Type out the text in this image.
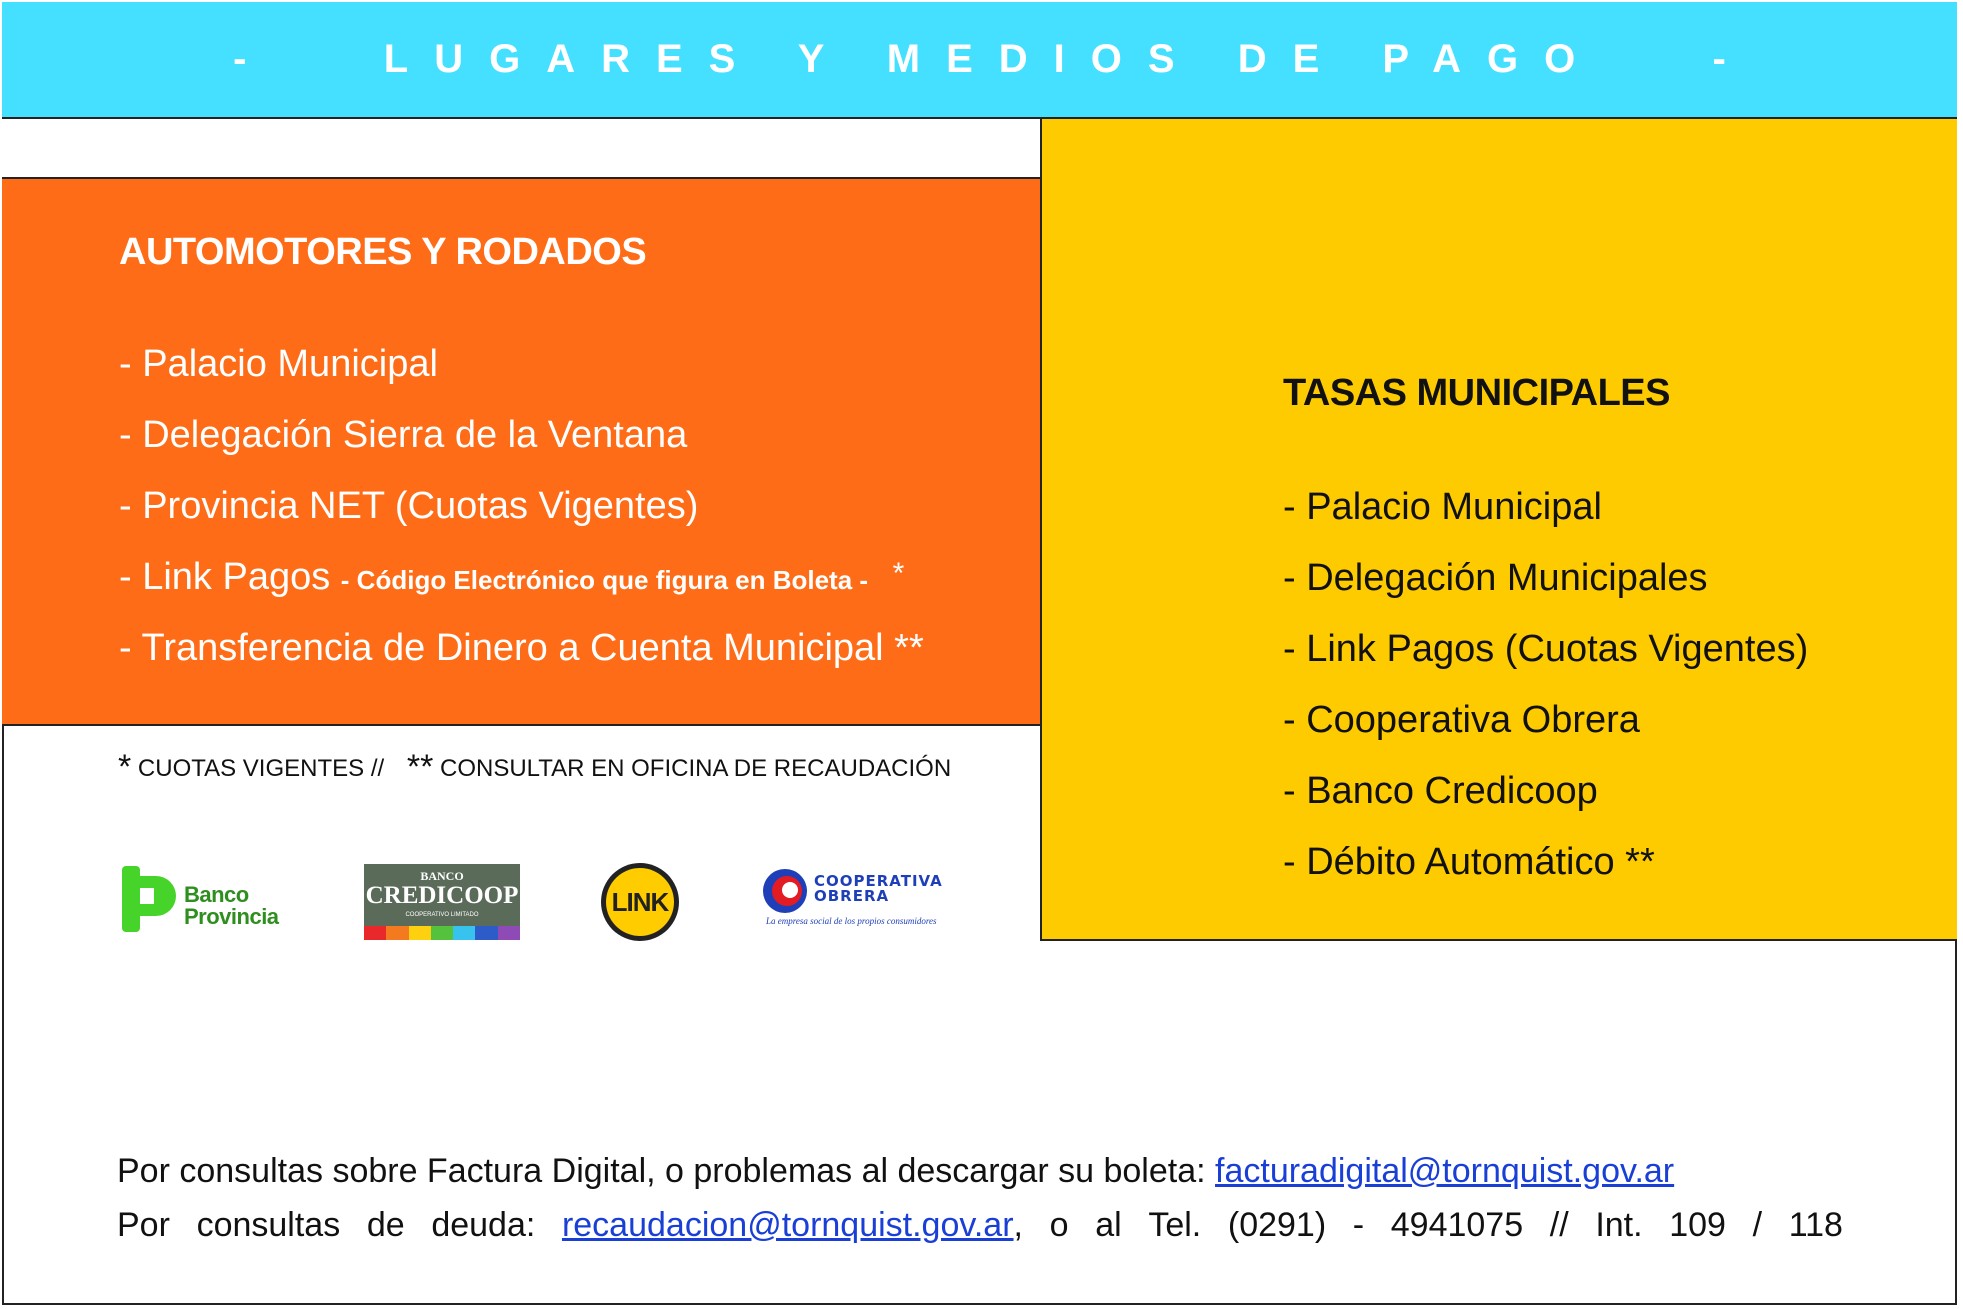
-   LUGARES Y MEDIOS DE PAGO   -
AUTOMOTORES Y RODADOS
- Palacio Municipal
- Delegación Sierra de la Ventana
- Provincia NET (Cuotas Vigentes)
- Link Pagos - Código Electrónico que figura en Boleta - *
- Transferencia de Dinero a Cuenta Municipal **
TASAS MUNICIPALES
- Palacio Municipal
- Delegación Municipales
- Link Pagos (Cuotas Vigentes)
- Cooperativa Obrera
- Banco Credicoop
- Débito Automático **
* CUOTAS VIGENTES // ** CONSULTAR EN OFICINA DE RECAUDACIÓN
Banco
Provincia
BANCO
CREDICOOP
COOPERATIVO LIMITADO	LINK
COOPERATIVA
OBRERA
La empresa social de los propios consumidores
Por consultas sobre Factura Digital, o problemas al descargar su boleta: facturadigital@tornquist.gov.ar
Por consultas de deuda: recaudacion@tornquist.gov.ar , o al Tel. (0291) - 4941075 // Int. 109 / 118
